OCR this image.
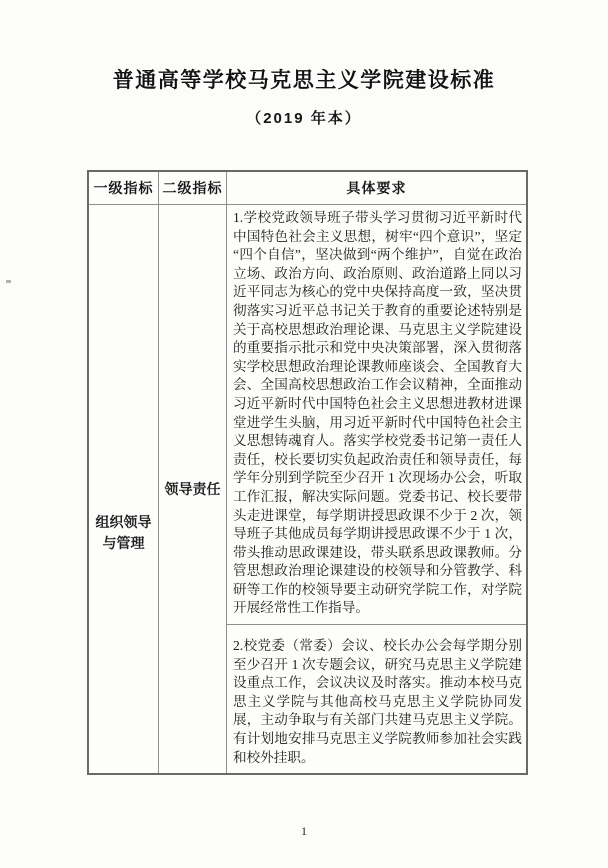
普通高等学校马克思主义学院建设标准
（2019 年本）
一级指标 二级指标	具体要求
组织领导与管理
领导责任
1.学校党政领导班子带头学习贯彻习近平新时代中国特色社会主义思想，树牢“四个意识”，坚定“四个自信”，坚决做到“两个维护”，自觉在政治立场、政治方向、政治原则、政治道路上同以习近平同志为核心的党中央保持高度一致，坚决贯彻落实习近平总书记关于教育的重要论述特别是关于高校思想政治理论课、马克思主义学院建设的重要指示批示和党中央决策部署，深入贯彻落实学校思想政治理论课教师座谈会、全国教育大会、全国高校思想政治工作会议精神，全面推动习近平新时代中国特色社会主义思想进教材进课堂进学生头脑，用习近平新时代中国特色社会主义思想铸魂育人。落实学校党委书记第一责任人责任，校长要切实负起政治责任和领导责任，每学年分别到学院至少召开 1 次现场办公会，听取工作汇报，解决实际问题。党委书记、校长要带头走进课堂，每学期讲授思政课不少于 2 次，领导班子其他成员每学期讲授思政课不少于 1 次，带头推动思政课建设，带头联系思政课教师。分管思想政治理论课建设的校领导和分管教学、科研等工作的校领导要主动研究学院工作，对学院开展经常性工作指导。
2.校党委（常委）会议、校长办公会每学期分别至少召开 1 次专题会议，研究马克思主义学院建设重点工作，会议决议及时落实。推动本校马克思主义学院与其他高校马克思主义学院协同发展，主动争取与有关部门共建马克思主义学院。有计划地安排马克思主义学院教师参加社会实践和校外挂职。
1
